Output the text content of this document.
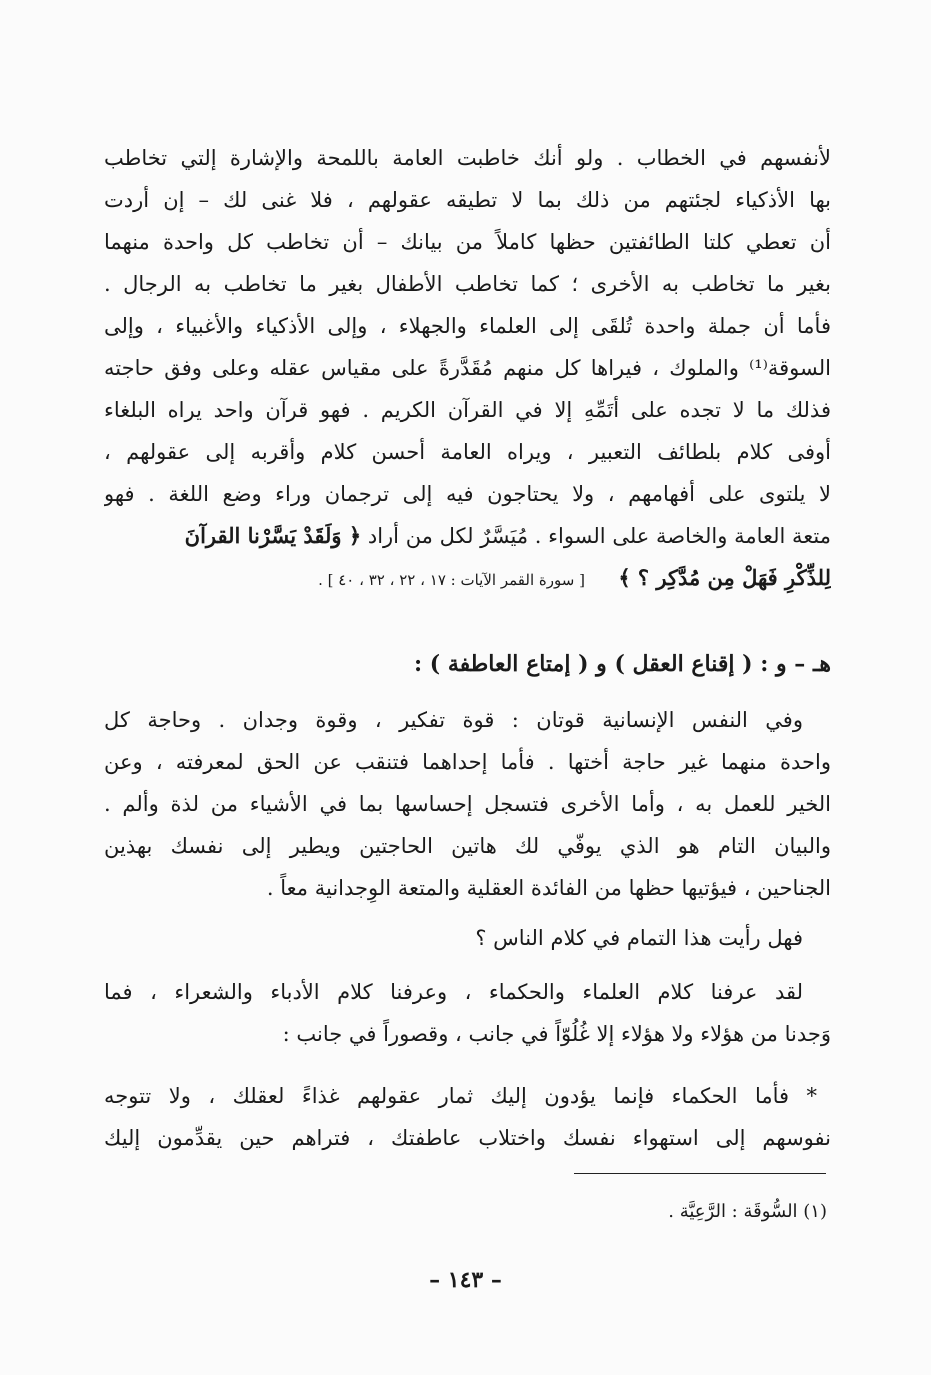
لأنفسهم في الخطاب . ولو أنك خاطبت العامة باللمحة والإشارة إلتي تخاطب
بها الأذكياء لجئتهم من ذلك بما لا تطيقه عقولهم ، فلا غنى لك – إن أردت
أن تعطي كلتا الطائفتين حظها كاملاً من بيانك – أن تخاطب كل واحدة منهما
بغير ما تخاطب به الأخرى ؛ كما تخاطب الأطفال بغير ما تخاطب به الرجال .
فأما أن جملة واحدة تُلقَى إلى العلماء والجهلاء ، وإلى الأذكياء والأغبياء ، وإلى
السوقة⁽¹⁾ والملوك ، فيراها كل منهم مُقَدَّرةً على مقياس عقله وعلى وفق حاجته
فذلك ما لا تجده على أتَمِّهِ إلا في القرآن الكريم . فهو قرآن واحد يراه البلغاء
أوفى كلام بلطائف التعبير ، ويراه العامة أحسن كلام وأقربه إلى عقولهم ،
لا يلتوى على أفهامهم ، ولا يحتاجون فيه إلى ترجمان وراء وضع اللغة . فهو
متعة العامة والخاصة على السواء . مُيَسَّرٌ لكل من أراد ﴿ وَلَقَدْ يَسَّرْنا القرآنَ
لِلذِّكْرِ فَهَلْ مِن مُدَّكِر ؟ ﴾     [ سورة القمر الآيات : ١٧ ، ٢٢ ، ٣٢ ، ٤٠ ] .
هـ – و : ( إقناع العقل ) و ( إمتاع العاطفة ) :
وفي النفس الإنسانية قوتان : قوة تفكير ، وقوة وجدان . وحاجة كل
واحدة منهما غير حاجة أختها . فأما إحداهما فتنقب عن الحق لمعرفته ، وعن
الخير للعمل به ، وأما الأخرى فتسجل إحساسها بما في الأشياء من لذة وألم .
والبيان التام هو الذي يوفّي لك هاتين الحاجتين ويطير إلى نفسك بهذين
الجناحين ، فيؤتيها حظها من الفائدة العقلية والمتعة الوِجدانية معاً .
فهل رأيت هذا التمام في كلام الناس ؟
لقد عرفنا كلام العلماء والحكماء ، وعرفنا كلام الأدباء والشعراء ، فما
وَجدنا من هؤلاء ولا هؤلاء إلا غُلُوّاً في جانب ، وقصوراً في جانب :
* فأما الحكماء فإنما يؤدون إليك ثمار عقولهم غذاءً لعقلك ، ولا تتوجه
نفوسهم إلى استهواء نفسك واختلاب عاطفتك ، فتراهم حين يقدِّمون إليك
(١) السُّوقَة : الرَّعِيَّة .
– ١٤٣ –
